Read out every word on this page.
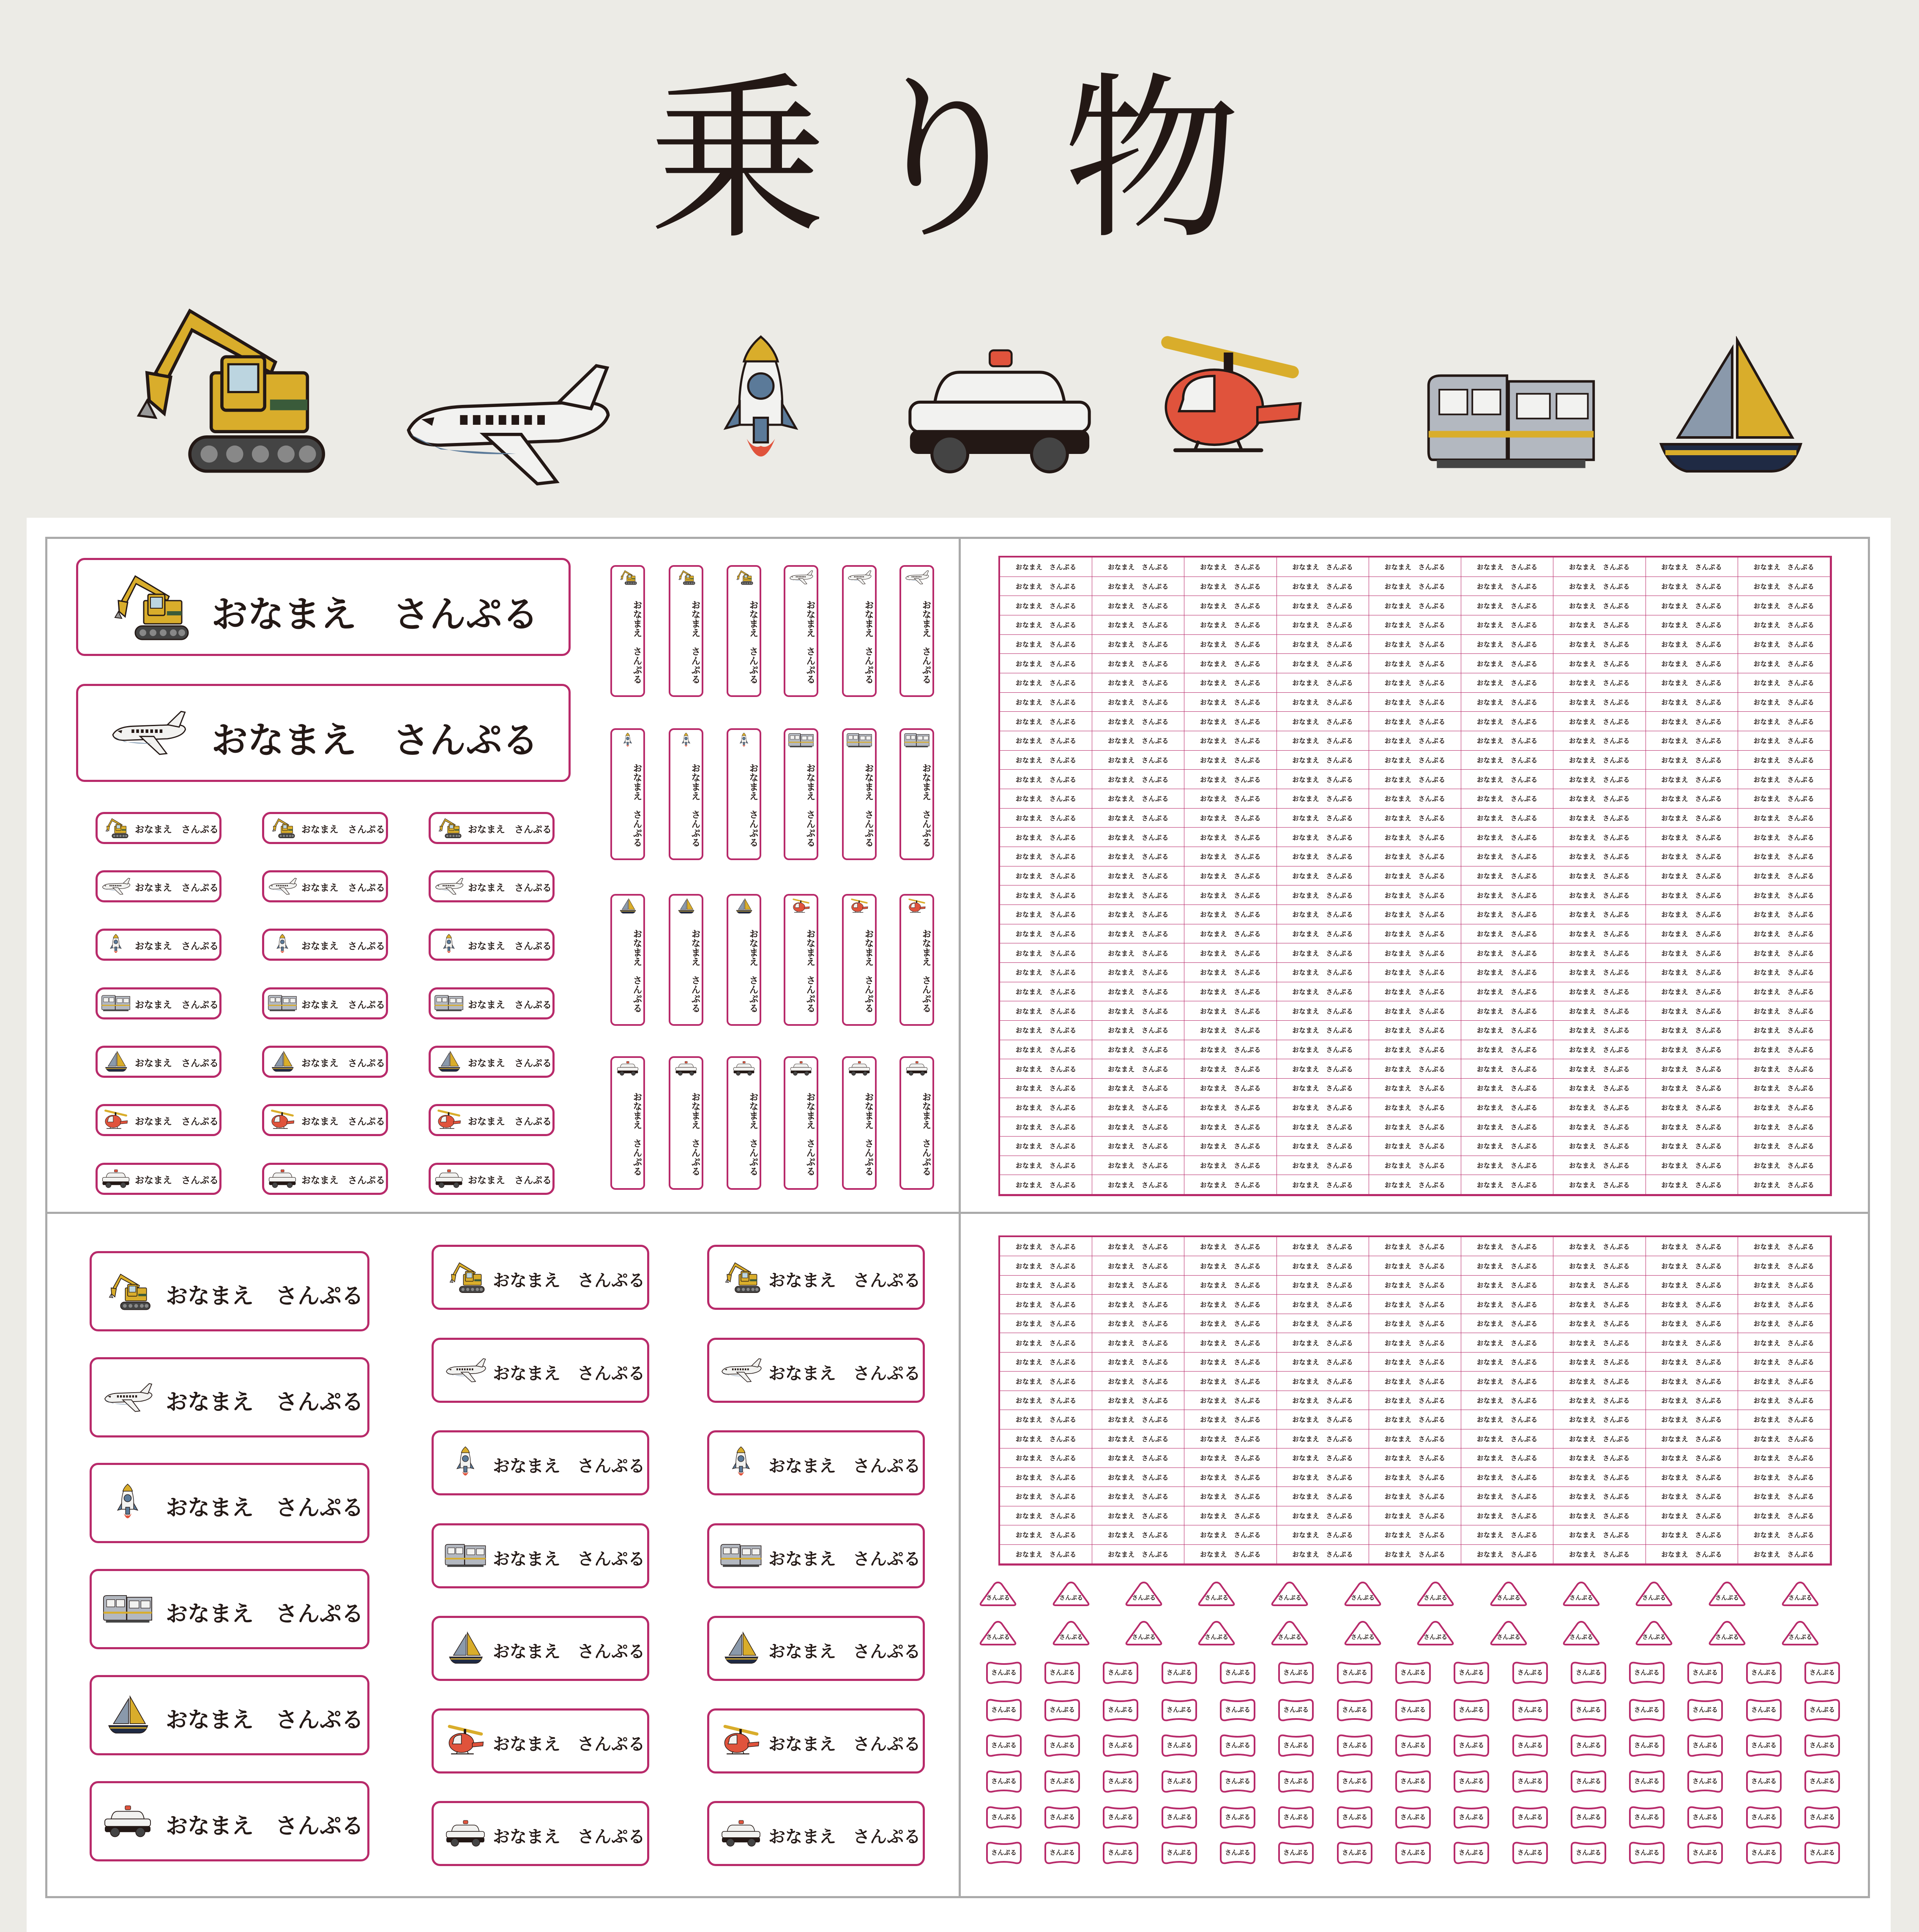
乗り物
おなまえ　さんぷる
おなまえ　さんぷる
おなまえ　さんぷる	おなまえ　さんぷる	おなまえ　さんぷる
おなまえ　さんぷる	おなまえ　さんぷる	おなまえ　さんぷる
おなまえ　さんぷる	おなまえ　さんぷる	おなまえ　さんぷる
おなまえ　さんぷる	おなまえ　さんぷる	おなまえ　さんぷる
おなまえ　さんぷる	おなまえ　さんぷる	おなまえ　さんぷる
おなまえ　さんぷる	おなまえ　さんぷる	おなまえ　さんぷる
おなまえ　さんぷる	おなまえ　さんぷる	おなまえ　さんぷる
おなまえ　さんぷる	おなまえ　さんぷる	おなまえ　さんぷる	おなまえ　さんぷる	おなまえ　さんぷる	おなまえ　さんぷる
おなまえ　さんぷる	おなまえ　さんぷる	おなまえ　さんぷる	おなまえ　さんぷる	おなまえ　さんぷる	おなまえ　さんぷる
おなまえ　さんぷる	おなまえ　さんぷる	おなまえ　さんぷる	おなまえ　さんぷる	おなまえ　さんぷる	おなまえ　さんぷる
おなまえ　さんぷる	おなまえ　さんぷる	おなまえ　さんぷる	おなまえ　さんぷる	おなまえ　さんぷる	おなまえ　さんぷる
おなまえ　さんぷる	おなまえ　さんぷる	おなまえ　さんぷる	おなまえ　さんぷる	おなまえ　さんぷる	おなまえ　さんぷる	おなまえ　さんぷる	おなまえ　さんぷる	おなまえ　さんぷる
おなまえ　さんぷる	おなまえ　さんぷる	おなまえ　さんぷる	おなまえ　さんぷる	おなまえ　さんぷる	おなまえ　さんぷる	おなまえ　さんぷる	おなまえ　さんぷる	おなまえ　さんぷる
おなまえ　さんぷる	おなまえ　さんぷる	おなまえ　さんぷる	おなまえ　さんぷる	おなまえ　さんぷる	おなまえ　さんぷる	おなまえ　さんぷる	おなまえ　さんぷる	おなまえ　さんぷる
おなまえ　さんぷる	おなまえ　さんぷる	おなまえ　さんぷる	おなまえ　さんぷる	おなまえ　さんぷる	おなまえ　さんぷる	おなまえ　さんぷる	おなまえ　さんぷる	おなまえ　さんぷる
おなまえ　さんぷる	おなまえ　さんぷる	おなまえ　さんぷる	おなまえ　さんぷる	おなまえ　さんぷる	おなまえ　さんぷる	おなまえ　さんぷる	おなまえ　さんぷる	おなまえ　さんぷる
おなまえ　さんぷる	おなまえ　さんぷる	おなまえ　さんぷる	おなまえ　さんぷる	おなまえ　さんぷる	おなまえ　さんぷる	おなまえ　さんぷる	おなまえ　さんぷる	おなまえ　さんぷる
おなまえ　さんぷる	おなまえ　さんぷる	おなまえ　さんぷる	おなまえ　さんぷる	おなまえ　さんぷる	おなまえ　さんぷる	おなまえ　さんぷる	おなまえ　さんぷる	おなまえ　さんぷる
おなまえ　さんぷる	おなまえ　さんぷる	おなまえ　さんぷる	おなまえ　さんぷる	おなまえ　さんぷる	おなまえ　さんぷる	おなまえ　さんぷる	おなまえ　さんぷる	おなまえ　さんぷる
おなまえ　さんぷる	おなまえ　さんぷる	おなまえ　さんぷる	おなまえ　さんぷる	おなまえ　さんぷる	おなまえ　さんぷる	おなまえ　さんぷる	おなまえ　さんぷる	おなまえ　さんぷる
おなまえ　さんぷる	おなまえ　さんぷる	おなまえ　さんぷる	おなまえ　さんぷる	おなまえ　さんぷる	おなまえ　さんぷる	おなまえ　さんぷる	おなまえ　さんぷる	おなまえ　さんぷる
おなまえ　さんぷる	おなまえ　さんぷる	おなまえ　さんぷる	おなまえ　さんぷる	おなまえ　さんぷる	おなまえ　さんぷる	おなまえ　さんぷる	おなまえ　さんぷる	おなまえ　さんぷる
おなまえ　さんぷる	おなまえ　さんぷる	おなまえ　さんぷる	おなまえ　さんぷる	おなまえ　さんぷる	おなまえ　さんぷる	おなまえ　さんぷる	おなまえ　さんぷる	おなまえ　さんぷる
おなまえ　さんぷる	おなまえ　さんぷる	おなまえ　さんぷる	おなまえ　さんぷる	おなまえ　さんぷる	おなまえ　さんぷる	おなまえ　さんぷる	おなまえ　さんぷる	おなまえ　さんぷる
おなまえ　さんぷる	おなまえ　さんぷる	おなまえ　さんぷる	おなまえ　さんぷる	おなまえ　さんぷる	おなまえ　さんぷる	おなまえ　さんぷる	おなまえ　さんぷる	おなまえ　さんぷる
おなまえ　さんぷる	おなまえ　さんぷる	おなまえ　さんぷる	おなまえ　さんぷる	おなまえ　さんぷる	おなまえ　さんぷる	おなまえ　さんぷる	おなまえ　さんぷる	おなまえ　さんぷる
おなまえ　さんぷる	おなまえ　さんぷる	おなまえ　さんぷる	おなまえ　さんぷる	おなまえ　さんぷる	おなまえ　さんぷる	おなまえ　さんぷる	おなまえ　さんぷる	おなまえ　さんぷる
おなまえ　さんぷる	おなまえ　さんぷる	おなまえ　さんぷる	おなまえ　さんぷる	おなまえ　さんぷる	おなまえ　さんぷる	おなまえ　さんぷる	おなまえ　さんぷる	おなまえ　さんぷる
おなまえ　さんぷる	おなまえ　さんぷる	おなまえ　さんぷる	おなまえ　さんぷる	おなまえ　さんぷる	おなまえ　さんぷる	おなまえ　さんぷる	おなまえ　さんぷる	おなまえ　さんぷる
おなまえ　さんぷる	おなまえ　さんぷる	おなまえ　さんぷる	おなまえ　さんぷる	おなまえ　さんぷる	おなまえ　さんぷる	おなまえ　さんぷる	おなまえ　さんぷる	おなまえ　さんぷる
おなまえ　さんぷる	おなまえ　さんぷる	おなまえ　さんぷる	おなまえ　さんぷる	おなまえ　さんぷる	おなまえ　さんぷる	おなまえ　さんぷる	おなまえ　さんぷる	おなまえ　さんぷる
おなまえ　さんぷる	おなまえ　さんぷる	おなまえ　さんぷる	おなまえ　さんぷる	おなまえ　さんぷる	おなまえ　さんぷる	おなまえ　さんぷる	おなまえ　さんぷる	おなまえ　さんぷる
おなまえ　さんぷる	おなまえ　さんぷる	おなまえ　さんぷる	おなまえ　さんぷる	おなまえ　さんぷる	おなまえ　さんぷる	おなまえ　さんぷる	おなまえ　さんぷる	おなまえ　さんぷる
おなまえ　さんぷる	おなまえ　さんぷる	おなまえ　さんぷる	おなまえ　さんぷる	おなまえ　さんぷる	おなまえ　さんぷる	おなまえ　さんぷる	おなまえ　さんぷる	おなまえ　さんぷる
おなまえ　さんぷる	おなまえ　さんぷる	おなまえ　さんぷる	おなまえ　さんぷる	おなまえ　さんぷる	おなまえ　さんぷる	おなまえ　さんぷる	おなまえ　さんぷる	おなまえ　さんぷる
おなまえ　さんぷる	おなまえ　さんぷる	おなまえ　さんぷる	おなまえ　さんぷる	おなまえ　さんぷる	おなまえ　さんぷる	おなまえ　さんぷる	おなまえ　さんぷる	おなまえ　さんぷる
おなまえ　さんぷる	おなまえ　さんぷる	おなまえ　さんぷる	おなまえ　さんぷる	おなまえ　さんぷる	おなまえ　さんぷる	おなまえ　さんぷる	おなまえ　さんぷる	おなまえ　さんぷる
おなまえ　さんぷる	おなまえ　さんぷる	おなまえ　さんぷる	おなまえ　さんぷる	おなまえ　さんぷる	おなまえ　さんぷる	おなまえ　さんぷる	おなまえ　さんぷる	おなまえ　さんぷる
おなまえ　さんぷる	おなまえ　さんぷる	おなまえ　さんぷる	おなまえ　さんぷる	おなまえ　さんぷる	おなまえ　さんぷる	おなまえ　さんぷる	おなまえ　さんぷる	おなまえ　さんぷる
おなまえ　さんぷる	おなまえ　さんぷる	おなまえ　さんぷる	おなまえ　さんぷる	おなまえ　さんぷる	おなまえ　さんぷる	おなまえ　さんぷる	おなまえ　さんぷる	おなまえ　さんぷる
おなまえ　さんぷる	おなまえ　さんぷる	おなまえ　さんぷる	おなまえ　さんぷる	おなまえ　さんぷる	おなまえ　さんぷる	おなまえ　さんぷる	おなまえ　さんぷる	おなまえ　さんぷる
おなまえ　さんぷる	おなまえ　さんぷる	おなまえ　さんぷる	おなまえ　さんぷる	おなまえ　さんぷる	おなまえ　さんぷる	おなまえ　さんぷる	おなまえ　さんぷる	おなまえ　さんぷる
おなまえ　さんぷる	おなまえ　さんぷる	おなまえ　さんぷる	おなまえ　さんぷる	おなまえ　さんぷる	おなまえ　さんぷる	おなまえ　さんぷる	おなまえ　さんぷる	おなまえ　さんぷる
おなまえ　さんぷる	おなまえ　さんぷる	おなまえ　さんぷる	おなまえ　さんぷる	おなまえ　さんぷる	おなまえ　さんぷる	おなまえ　さんぷる	おなまえ　さんぷる	おなまえ　さんぷる
おなまえ　さんぷる
おなまえ　さんぷる
おなまえ　さんぷる
おなまえ　さんぷる
おなまえ　さんぷる
おなまえ　さんぷる
おなまえ　さんぷる	おなまえ　さんぷる
おなまえ　さんぷる	おなまえ　さんぷる
おなまえ　さんぷる	おなまえ　さんぷる
おなまえ　さんぷる	おなまえ　さんぷる
おなまえ　さんぷる	おなまえ　さんぷる
おなまえ　さんぷる	おなまえ　さんぷる
おなまえ　さんぷる	おなまえ　さんぷる
おなまえ　さんぷる	おなまえ　さんぷる	おなまえ　さんぷる	おなまえ　さんぷる	おなまえ　さんぷる	おなまえ　さんぷる	おなまえ　さんぷる	おなまえ　さんぷる	おなまえ　さんぷる
おなまえ　さんぷる	おなまえ　さんぷる	おなまえ　さんぷる	おなまえ　さんぷる	おなまえ　さんぷる	おなまえ　さんぷる	おなまえ　さんぷる	おなまえ　さんぷる	おなまえ　さんぷる
おなまえ　さんぷる	おなまえ　さんぷる	おなまえ　さんぷる	おなまえ　さんぷる	おなまえ　さんぷる	おなまえ　さんぷる	おなまえ　さんぷる	おなまえ　さんぷる	おなまえ　さんぷる
おなまえ　さんぷる	おなまえ　さんぷる	おなまえ　さんぷる	おなまえ　さんぷる	おなまえ　さんぷる	おなまえ　さんぷる	おなまえ　さんぷる	おなまえ　さんぷる	おなまえ　さんぷる
おなまえ　さんぷる	おなまえ　さんぷる	おなまえ　さんぷる	おなまえ　さんぷる	おなまえ　さんぷる	おなまえ　さんぷる	おなまえ　さんぷる	おなまえ　さんぷる	おなまえ　さんぷる
おなまえ　さんぷる	おなまえ　さんぷる	おなまえ　さんぷる	おなまえ　さんぷる	おなまえ　さんぷる	おなまえ　さんぷる	おなまえ　さんぷる	おなまえ　さんぷる	おなまえ　さんぷる
おなまえ　さんぷる	おなまえ　さんぷる	おなまえ　さんぷる	おなまえ　さんぷる	おなまえ　さんぷる	おなまえ　さんぷる	おなまえ　さんぷる	おなまえ　さんぷる	おなまえ　さんぷる
おなまえ　さんぷる	おなまえ　さんぷる	おなまえ　さんぷる	おなまえ　さんぷる	おなまえ　さんぷる	おなまえ　さんぷる	おなまえ　さんぷる	おなまえ　さんぷる	おなまえ　さんぷる
おなまえ　さんぷる	おなまえ　さんぷる	おなまえ　さんぷる	おなまえ　さんぷる	おなまえ　さんぷる	おなまえ　さんぷる	おなまえ　さんぷる	おなまえ　さんぷる	おなまえ　さんぷる
おなまえ　さんぷる	おなまえ　さんぷる	おなまえ　さんぷる	おなまえ　さんぷる	おなまえ　さんぷる	おなまえ　さんぷる	おなまえ　さんぷる	おなまえ　さんぷる	おなまえ　さんぷる
おなまえ　さんぷる	おなまえ　さんぷる	おなまえ　さんぷる	おなまえ　さんぷる	おなまえ　さんぷる	おなまえ　さんぷる	おなまえ　さんぷる	おなまえ　さんぷる	おなまえ　さんぷる
おなまえ　さんぷる	おなまえ　さんぷる	おなまえ　さんぷる	おなまえ　さんぷる	おなまえ　さんぷる	おなまえ　さんぷる	おなまえ　さんぷる	おなまえ　さんぷる	おなまえ　さんぷる
おなまえ　さんぷる	おなまえ　さんぷる	おなまえ　さんぷる	おなまえ　さんぷる	おなまえ　さんぷる	おなまえ　さんぷる	おなまえ　さんぷる	おなまえ　さんぷる	おなまえ　さんぷる
おなまえ　さんぷる	おなまえ　さんぷる	おなまえ　さんぷる	おなまえ　さんぷる	おなまえ　さんぷる	おなまえ　さんぷる	おなまえ　さんぷる	おなまえ　さんぷる	おなまえ　さんぷる
おなまえ　さんぷる	おなまえ　さんぷる	おなまえ　さんぷる	おなまえ　さんぷる	おなまえ　さんぷる	おなまえ　さんぷる	おなまえ　さんぷる	おなまえ　さんぷる	おなまえ　さんぷる
おなまえ　さんぷる	おなまえ　さんぷる	おなまえ　さんぷる	おなまえ　さんぷる	おなまえ　さんぷる	おなまえ　さんぷる	おなまえ　さんぷる	おなまえ　さんぷる	おなまえ　さんぷる
おなまえ　さんぷる	おなまえ　さんぷる	おなまえ　さんぷる	おなまえ　さんぷる	おなまえ　さんぷる	おなまえ　さんぷる	おなまえ　さんぷる	おなまえ　さんぷる	おなまえ　さんぷる
さんぷる	さんぷる	さんぷる	さんぷる	さんぷる	さんぷる	さんぷる	さんぷる	さんぷる	さんぷる	さんぷる	さんぷる
さんぷる	さんぷる	さんぷる	さんぷる	さんぷる	さんぷる	さんぷる	さんぷる	さんぷる	さんぷる	さんぷる	さんぷる
さんぷる	さんぷる	さんぷる	さんぷる	さんぷる	さんぷる	さんぷる	さんぷる	さんぷる	さんぷる	さんぷる	さんぷる	さんぷる	さんぷる	さんぷる
さんぷる	さんぷる	さんぷる	さんぷる	さんぷる	さんぷる	さんぷる	さんぷる	さんぷる	さんぷる	さんぷる	さんぷる	さんぷる	さんぷる	さんぷる
さんぷる	さんぷる	さんぷる	さんぷる	さんぷる	さんぷる	さんぷる	さんぷる	さんぷる	さんぷる	さんぷる	さんぷる	さんぷる	さんぷる	さんぷる
さんぷる	さんぷる	さんぷる	さんぷる	さんぷる	さんぷる	さんぷる	さんぷる	さんぷる	さんぷる	さんぷる	さんぷる	さんぷる	さんぷる	さんぷる
さんぷる	さんぷる	さんぷる	さんぷる	さんぷる	さんぷる	さんぷる	さんぷる	さんぷる	さんぷる	さんぷる	さんぷる	さんぷる	さんぷる	さんぷる
さんぷる	さんぷる	さんぷる	さんぷる	さんぷる	さんぷる	さんぷる	さんぷる	さんぷる	さんぷる	さんぷる	さんぷる	さんぷる	さんぷる	さんぷる
